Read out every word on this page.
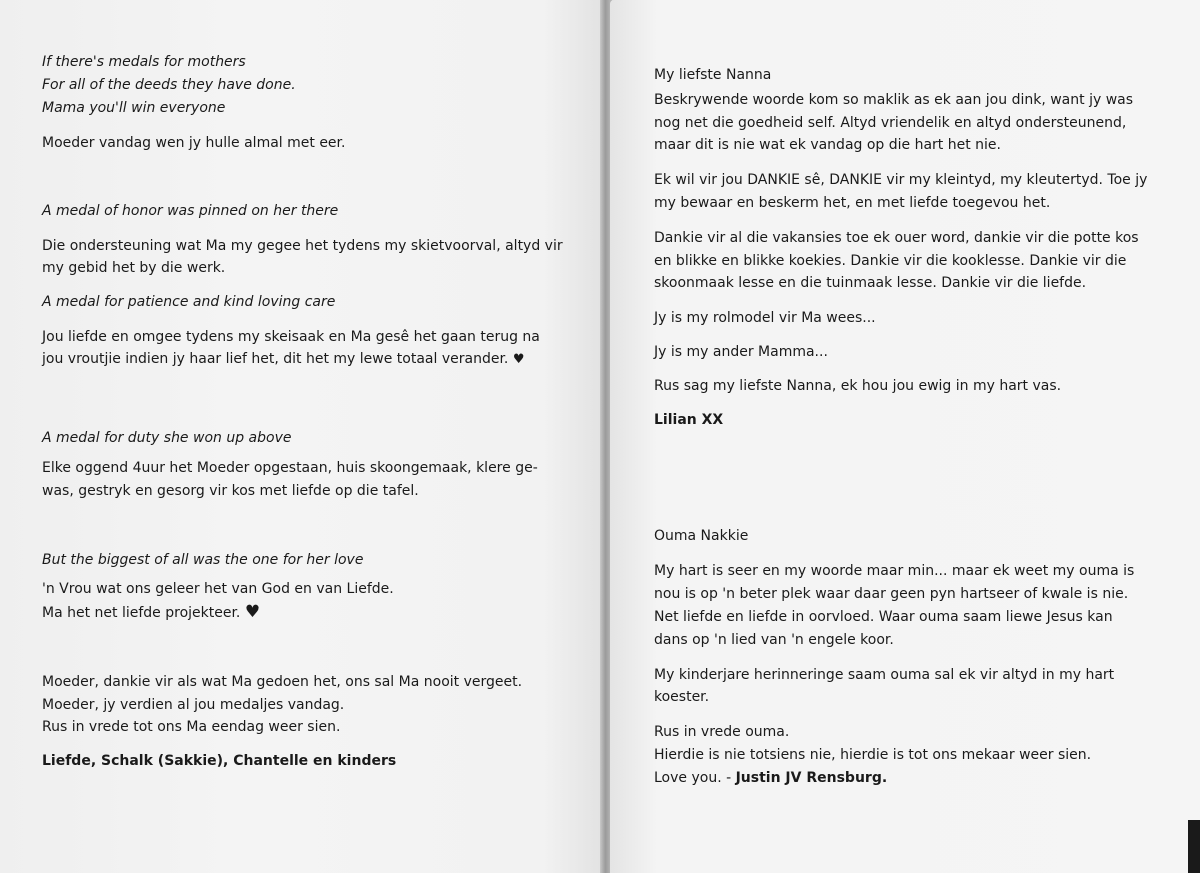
If there's medals for mothers

For all of the deeds they have done.

Mama you'll win everyone

Moeder vandag wen jy hulle almal met eer.

A medal of honor was pinned on her there

Die ondersteuning wat Ma my gegee het tydens my skietvoorval, altyd vir

my gebid het by die werk.

A medal for patience and kind loving care

Jou liefde en omgee tydens my skeisaak en Ma gesê het gaan terug na

jou vroutjie indien jy haar lief het, dit het my lewe totaal verander. ♥

A medal for duty she won up above

Elke oggend 4uur het Moeder opgestaan, huis skoongemaak, klere ge-

was, gestryk en gesorg vir kos met liefde op die tafel.

But the biggest of all was the one for her love

'n Vrou wat ons geleer het van God en van Liefde.

Ma het net liefde projekteer. ♥

Moeder, dankie vir als wat Ma gedoen het, ons sal Ma nooit vergeet.

Moeder, jy verdien al jou medaljes vandag.

Rus in vrede tot ons Ma eendag weer sien.

Liefde, Schalk (Sakkie), Chantelle en kinders

My liefste Nanna

Beskrywende woorde kom so maklik as ek aan jou dink, want jy was

nog net die goedheid self. Altyd vriendelik en altyd ondersteunend,

maar dit is nie wat ek vandag op die hart het nie.

Ek wil vir jou DANKIE sê, DANKIE vir my kleintyd, my kleutertyd. Toe jy

my bewaar en beskerm het, en met liefde toegevou het.

Dankie vir al die vakansies toe ek ouer word, dankie vir die potte kos

en blikke en blikke koekies. Dankie vir die kooklesse. Dankie vir die

skoonmaak lesse en die tuinmaak lesse. Dankie vir die liefde.

Jy is my rolmodel vir Ma wees...

Jy is my ander Mamma...

Rus sag my liefste Nanna, ek hou jou ewig in my hart vas.

Lilian XX

Ouma Nakkie

My hart is seer en my woorde maar min... maar ek weet my ouma is

nou is op 'n beter plek waar daar geen pyn hartseer of kwale is nie.

Net liefde en liefde in oorvloed. Waar ouma saam liewe Jesus kan

dans op 'n lied van 'n engele koor.

My kinderjare herinneringe saam ouma sal ek vir altyd in my hart

koester.

Rus in vrede ouma.

Hierdie is nie totsiens nie, hierdie is tot ons mekaar weer sien.

Love you. - Justin JV Rensburg.
